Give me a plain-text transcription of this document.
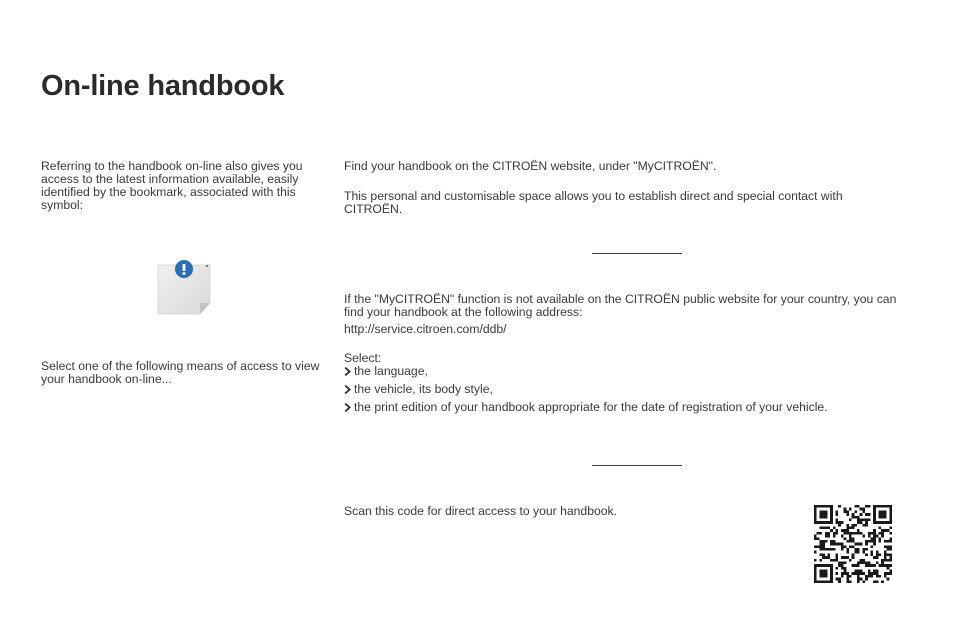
On-line handbook

Referring to the handbook on-line also gives you access to the latest information available, easily identified by the bookmark, associated with this symbol:

Select one of the following means of access to view your handbook on-line...

Find your handbook on the CITROËN website, under "MyCITROËN".

This personal and customisable space allows you to establish direct and special contact with CITROËN.

If the "MyCITROËN" function is not available on the CITROËN public website for your country, you can find your handbook at the following address:

http://service.citroen.com/ddb/

Select:

the language,
the vehicle, its body style,
the print edition of your handbook appropriate for the date of registration of your vehicle.

Scan this code for direct access to your handbook.
